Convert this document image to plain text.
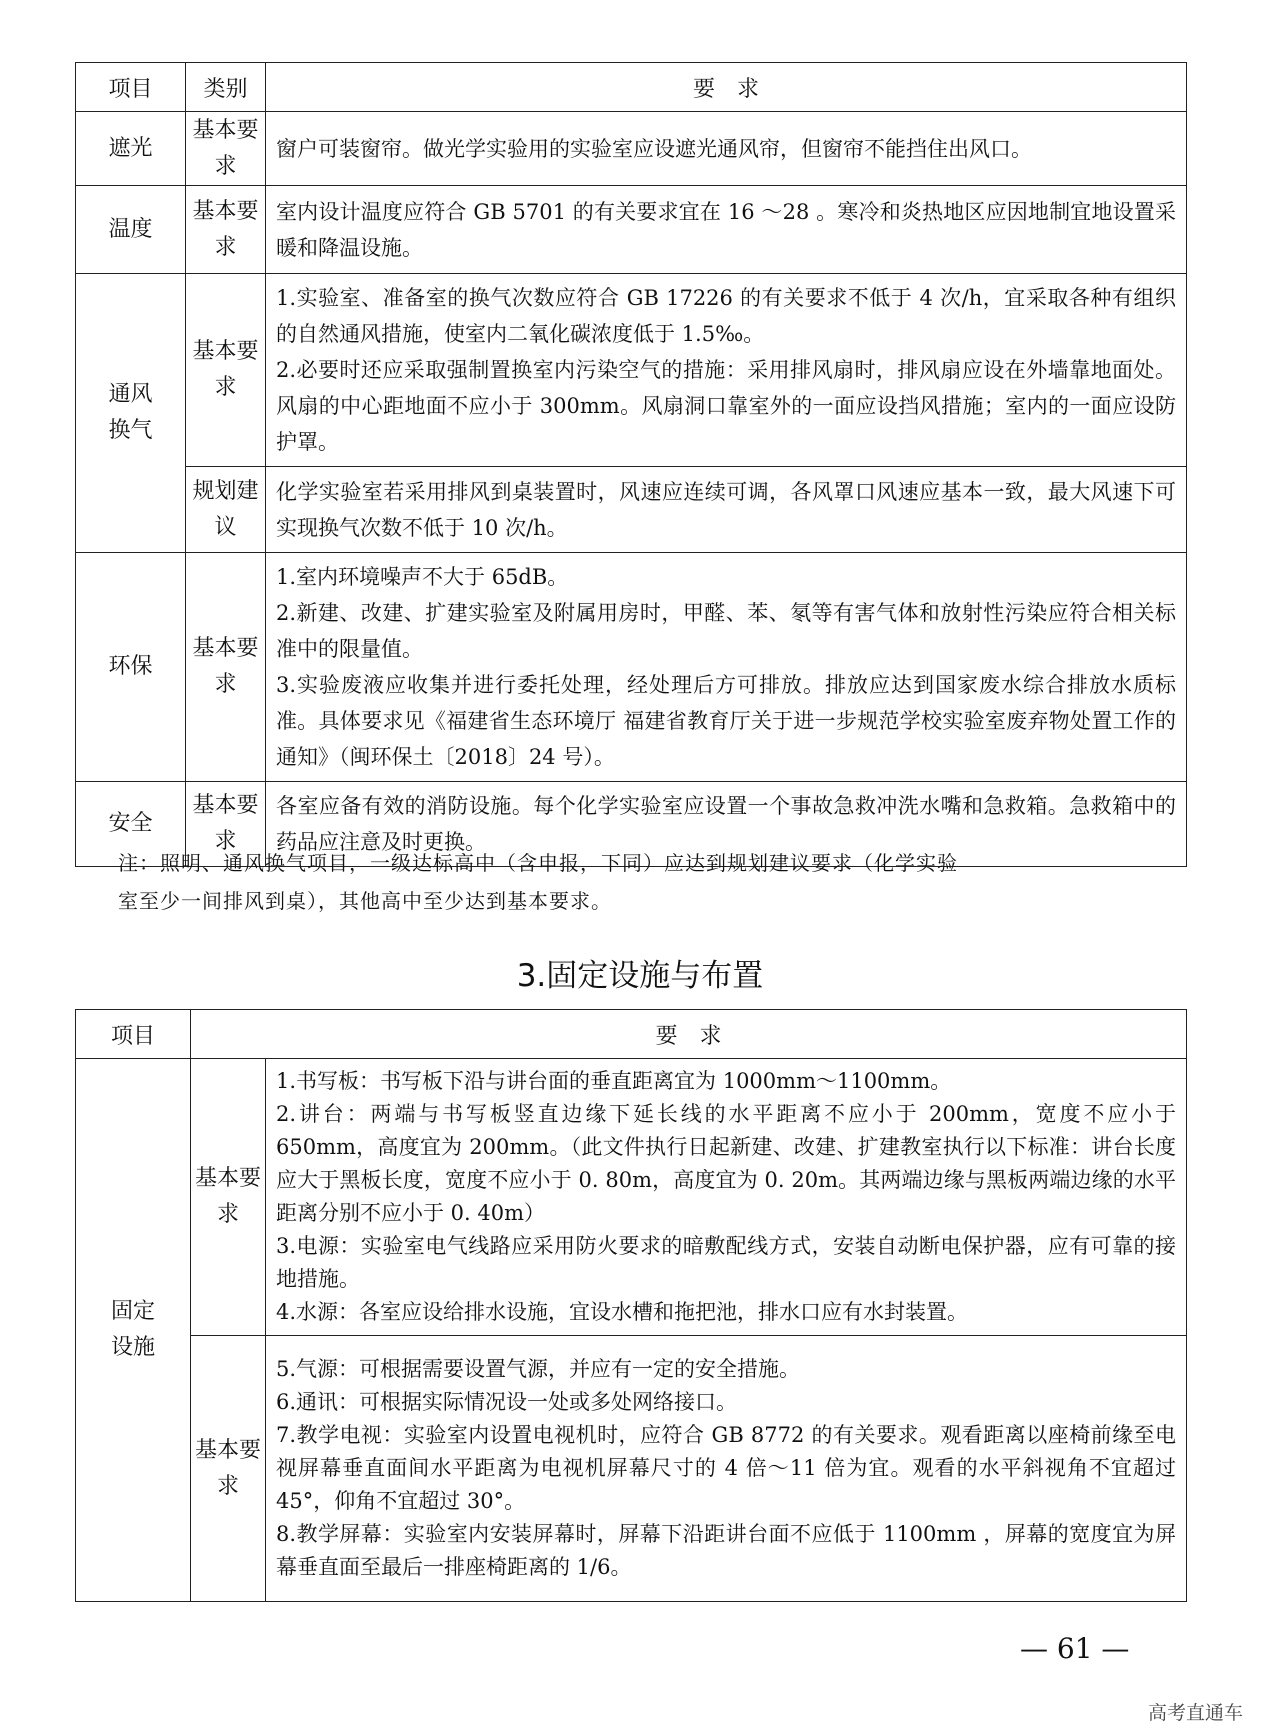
项目	类别	要　求
遮光	基本要求	窗户可装窗帘。做光学实验用的实验室应设遮光通风帘，但窗帘不能挡住出风口。
温度	基本要求	室内设计温度应符合 GB 5701 的有关要求宜在 16 ～28 。寒冷和炎热地区应因地制宜地设置采暖和降温设施。
通风换气	基本要求	1.实验室、准备室的换气次数应符合 GB 17226 的有关要求不低于 4 次/h，宜采取各种有组织的自然通风措施，使室内二氧化碳浓度低于 1.5‰。

2.必要时还应采取强制置换室内污染空气的措施：采用排风扇时，排风扇应设在外墙靠地面处。风扇的中心距地面不应小于 300mm。风扇洞口靠室外的一面应设挡风措施；室内的一面应设防护罩。

	规划建议	化学实验室若采用排风到桌装置时，风速应连续可调，各风罩口风速应基本一致，最大风速下可实现换气次数不低于 10 次/h。
环保	基本要求	1.室内环境噪声不大于 65dB。

2.新建、改建、扩建实验室及附属用房时，甲醛、苯、氡等有害气体和放射性污染应符合相关标准中的限量值。

3.实验废液应收集并进行委托处理，经处理后方可排放。排放应达到国家废水综合排放水质标准。具体要求见《福建省生态环境厅 福建省教育厅关于进一步规范学校实验室废弃物处置工作的通知》（闽环保土〔2018〕24 号）。

安全	基本要求	各室应备有效的消防设施。每个化学实验室应设置一个事故急救冲洗水嘴和急救箱。急救箱中的药品应注意及时更换。

注：照明、通风换气项目，一级达标高中（含申报，下同）应达到规划建议要求（化学实验

室至少一间排风到桌），其他高中至少达到基本要求。

3.固定设施与布置
项目	要　求	
固定设施	基本要求	1.书写板：书写板下沿与讲台面的垂直距离宜为 1000mm～1100mm。

2.讲台：两端与书写板竖直边缘下延长线的水平距离不应小于 200mm，宽度不应小于 650mm，高度宜为 200mm。（此文件执行日起新建、改建、扩建教室执行以下标准：讲台长度应大于黑板长度，宽度不应小于 0. 80m，高度宜为 0. 20m。其两端边缘与黑板两端边缘的水平距离分别不应小于 0. 40m）

3.电源：实验室电气线路应采用防火要求的暗敷配线方式，安装自动断电保护器，应有可靠的接地措施。

4.水源：各室应设给排水设施，宜设水槽和拖把池，排水口应有水封装置。

	基本要求	5.气源：可根据需要设置气源，并应有一定的安全措施。

6.通讯：可根据实际情况设一处或多处网络接口。

7.教学电视：实验室内设置电视机时，应符合 GB 8772 的有关要求。观看距离以座椅前缘至电视屏幕垂直面间水平距离为电视机屏幕尺寸的 4 倍～11 倍为宜。观看的水平斜视角不宜超过 45°，仰角不宜超过 30°。

8.教学屏幕：实验室内安装屏幕时，屏幕下沿距讲台面不应低于 1100mm ，屏幕的宽度宜为屏幕垂直面至最后一排座椅距离的 1/6。

— 61 —
高考直通车
